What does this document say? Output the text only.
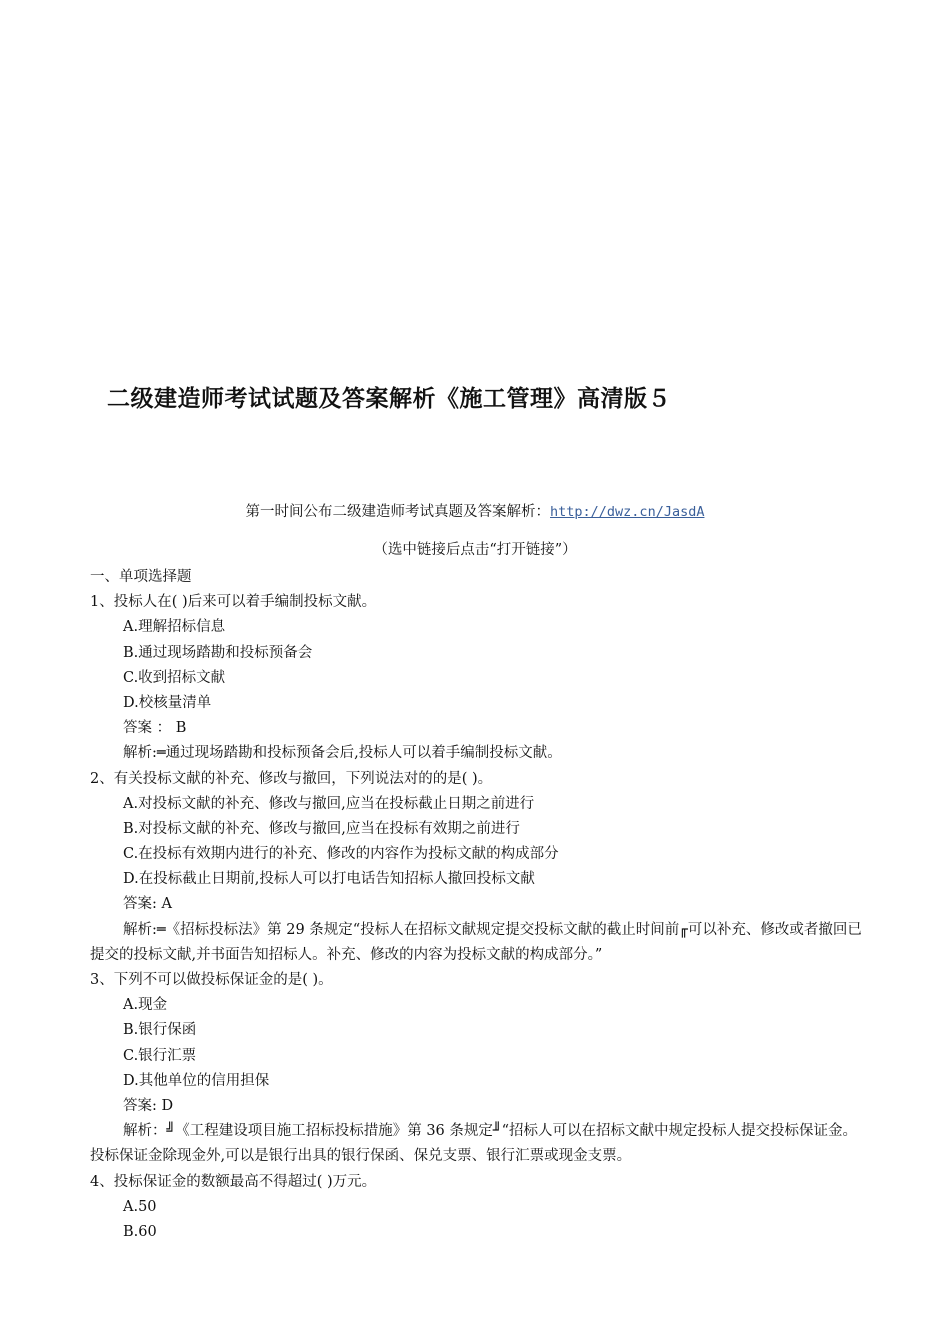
二级建造师考试试题及答案解析《施工管理》高清版５
第一时间公布二级建造师考试真题及答案解析：http://dwz.cn/JasdA
（选中链接后点击“打开链接”）
一、单项选择题
1、投标人在( )后来可以着手编制投标文献。
A.理解招标信息
B.通过现场踏勘和投标预备会
C.收到招标文献
D.校核量清单
答案 ： B
解析:═通过现场踏勘和投标预备会后,投标人可以着手编制投标文献。
2、有关投标文献的补充、修改与撤回，下列说法对的的是( )。
A.对投标文献的补充、修改与撤回,应当在投标截止日期之前进行
B.对投标文献的补充、修改与撤回,应当在投标有效期之前进行
C.在投标有效期内进行的补充、修改的内容作为投标文献的构成部分
D.在投标截止日期前,投标人可以打电话告知招标人撤回投标文献
答案: A
解析:═《招标投标法》第 29 条规定“投标人在招标文献规定提交投标文献的截止时间前╓可以补充、修改或者撤回已提交的投标文献,并书面告知招标人。补充、修改的内容为投标文献的构成部分。”
3、下列不可以做投标保证金的是( )。
A.现金
B.银行保函
C.银行汇票
D.其他单位的信用担保
答案: D
解析：╝《工程建设项目施工招标投标措施》第 36 条规定╜“招标人可以在招标文献中规定投标人提交投标保证金。投标保证金除现金外,可以是银行出具的银行保函、保兑支票、银行汇票或现金支票。
4、投标保证金的数额最高不得超过( )万元。
A.50
B.60
